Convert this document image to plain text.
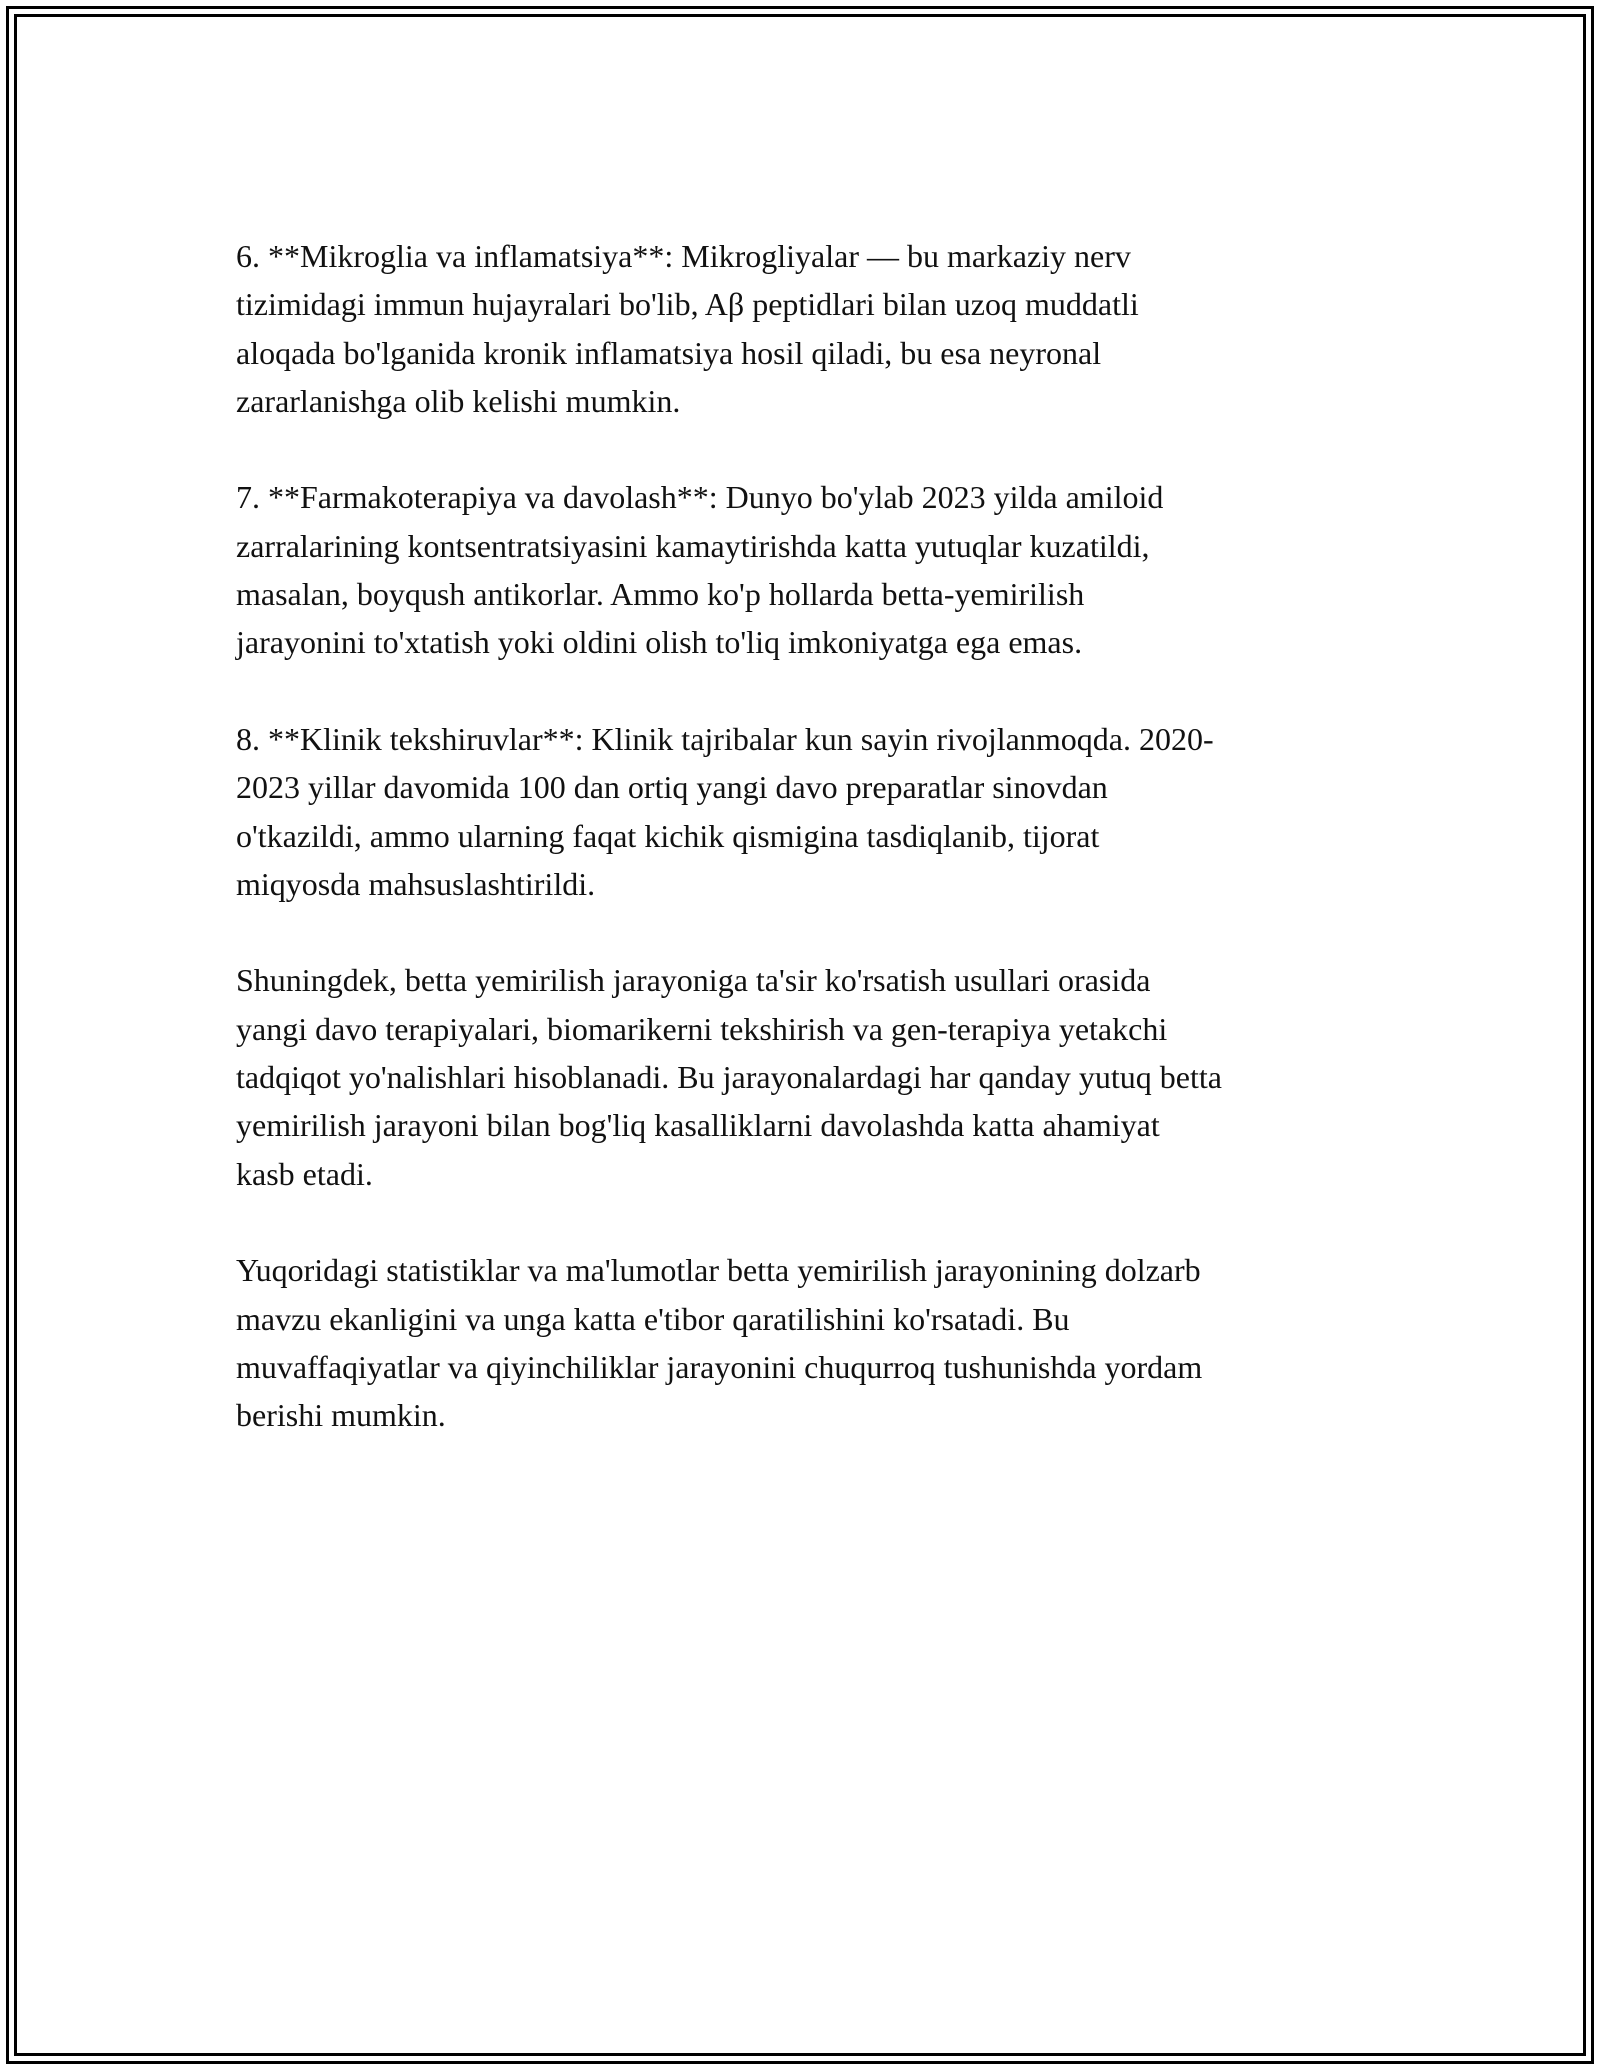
6. **Mikroglia va inflamatsiya**: Mikrogliyalar — bu markaziy nerv
tizimidagi immun hujayralari bo'lib, Aβ peptidlari bilan uzoq muddatli
aloqada bo'lganida kronik inflamatsiya hosil qiladi, bu esa neyronal
zararlanishga olib kelishi mumkin.

7. **Farmakoterapiya va davolash**: Dunyo bo'ylab 2023 yilda amiloid
zarralarining kontsentratsiyasini kamaytirishda katta yutuqlar kuzatildi,
masalan, boyqush antikorlar. Ammo ko'p hollarda betta-yemirilish
jarayonini to'xtatish yoki oldini olish to'liq imkoniyatga ega emas.

8. **Klinik tekshiruvlar**: Klinik tajribalar kun sayin rivojlanmoqda. 2020-
2023 yillar davomida 100 dan ortiq yangi davo preparatlar sinovdan
o'tkazildi, ammo ularning faqat kichik qismigina tasdiqlanib, tijorat
miqyosda mahsuslashtirildi.

Shuningdek, betta yemirilish jarayoniga ta'sir ko'rsatish usullari orasida
yangi davo terapiyalari, biomarikerni tekshirish va gen-terapiya yetakchi
tadqiqot yo'nalishlari hisoblanadi. Bu jarayonalardagi har qanday yutuq betta
yemirilish jarayoni bilan bog'liq kasalliklarni davolashda katta ahamiyat
kasb etadi.

Yuqoridagi statistiklar va ma'lumotlar betta yemirilish jarayonining dolzarb
mavzu ekanligini va unga katta e'tibor qaratilishini ko'rsatadi. Bu
muvaffaqiyatlar va qiyinchiliklar jarayonini chuqurroq tushunishda yordam
berishi mumkin.
